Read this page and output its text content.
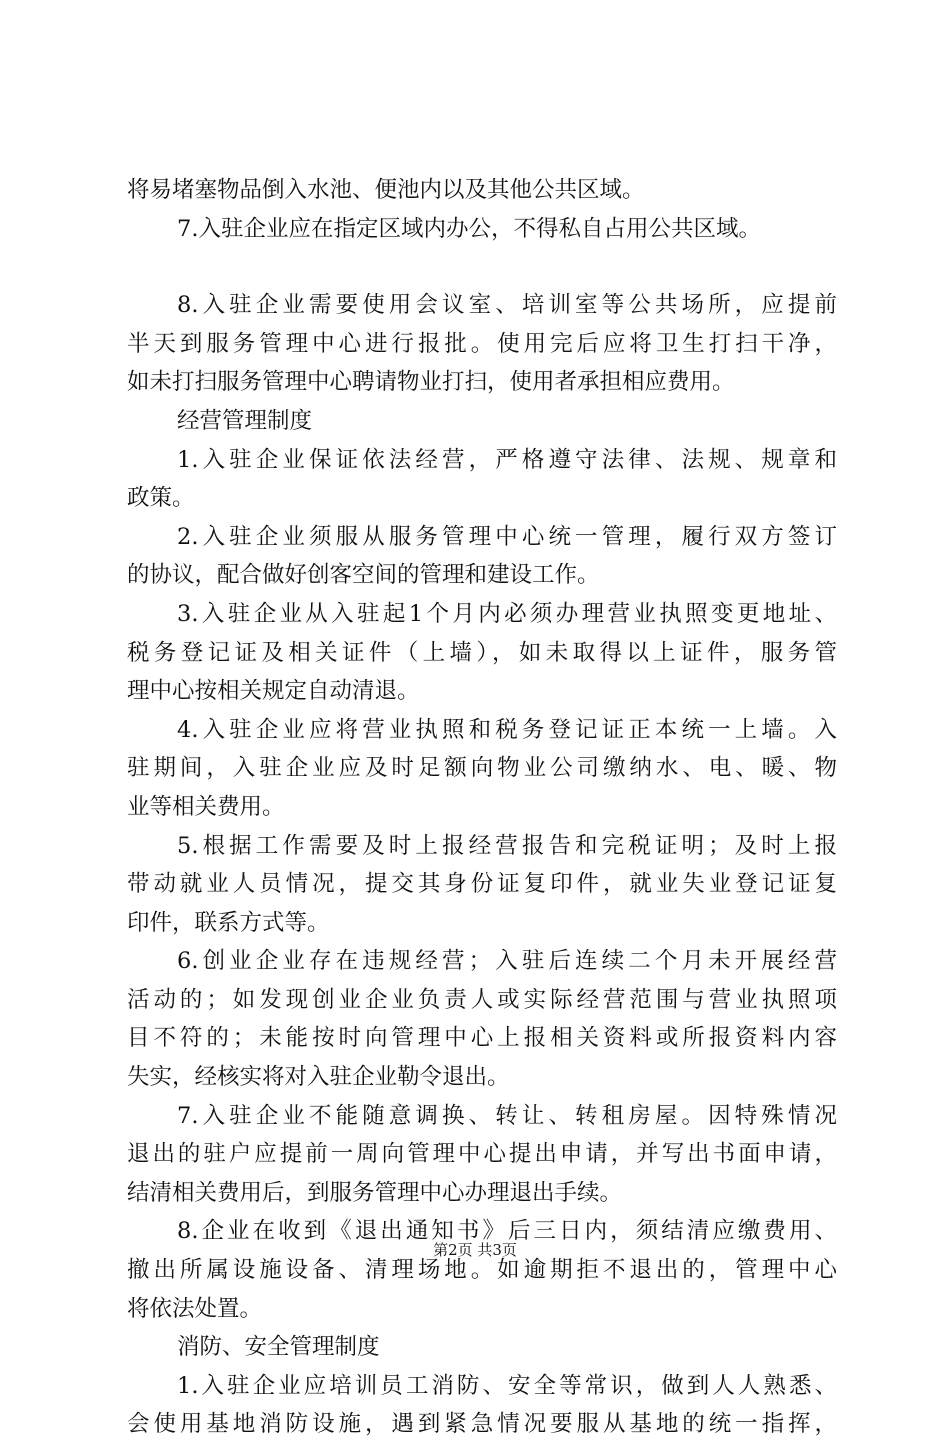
将易堵塞物品倒入水池、便池内以及其他公共区域。
7.入驻企业应在指定区域内办公，不得私自占用公共区域。
8.入驻企业需要使用会议室、培训室等公共场所，应提前
半天到服务管理中心进行报批。使用完后应将卫生打扫干净，
如未打扫服务管理中心聘请物业打扫，使用者承担相应费用。
经营管理制度
1.入驻企业保证依法经营，严格遵守法律、法规、规章和
政策。
2.入驻企业须服从服务管理中心统一管理，履行双方签订
的协议，配合做好创客空间的管理和建设工作。
3.入驻企业从入驻起1个月内必须办理营业执照变更地址、
税务登记证及相关证件（上墙），如未取得以上证件，服务管
理中心按相关规定自动清退。
4.入驻企业应将营业执照和税务登记证正本统一上墙。入
驻期间，入驻企业应及时足额向物业公司缴纳水、电、暖、物
业等相关费用。
5.根据工作需要及时上报经营报告和完税证明；及时上报
带动就业人员情况，提交其身份证复印件，就业失业登记证复
印件，联系方式等。
6.创业企业存在违规经营；入驻后连续二个月未开展经营
活动的；如发现创业企业负责人或实际经营范围与营业执照项
目不符的；未能按时向管理中心上报相关资料或所报资料内容
失实，经核实将对入驻企业勒令退出。
7.入驻企业不能随意调换、转让、转租房屋。因特殊情况
退出的驻户应提前一周向管理中心提出申请，并写出书面申请，
结清相关费用后，到服务管理中心办理退出手续。
8.企业在收到《退出通知书》后三日内，须结清应缴费用、
撤出所属设施设备、清理场地。如逾期拒不退出的，管理中心
将依法处置。
消防、安全管理制度
1.入驻企业应培训员工消防、安全等常识，做到人人熟悉、
会使用基地消防设施，遇到紧急情况要服从基地的统一指挥，
第2页 共3页
